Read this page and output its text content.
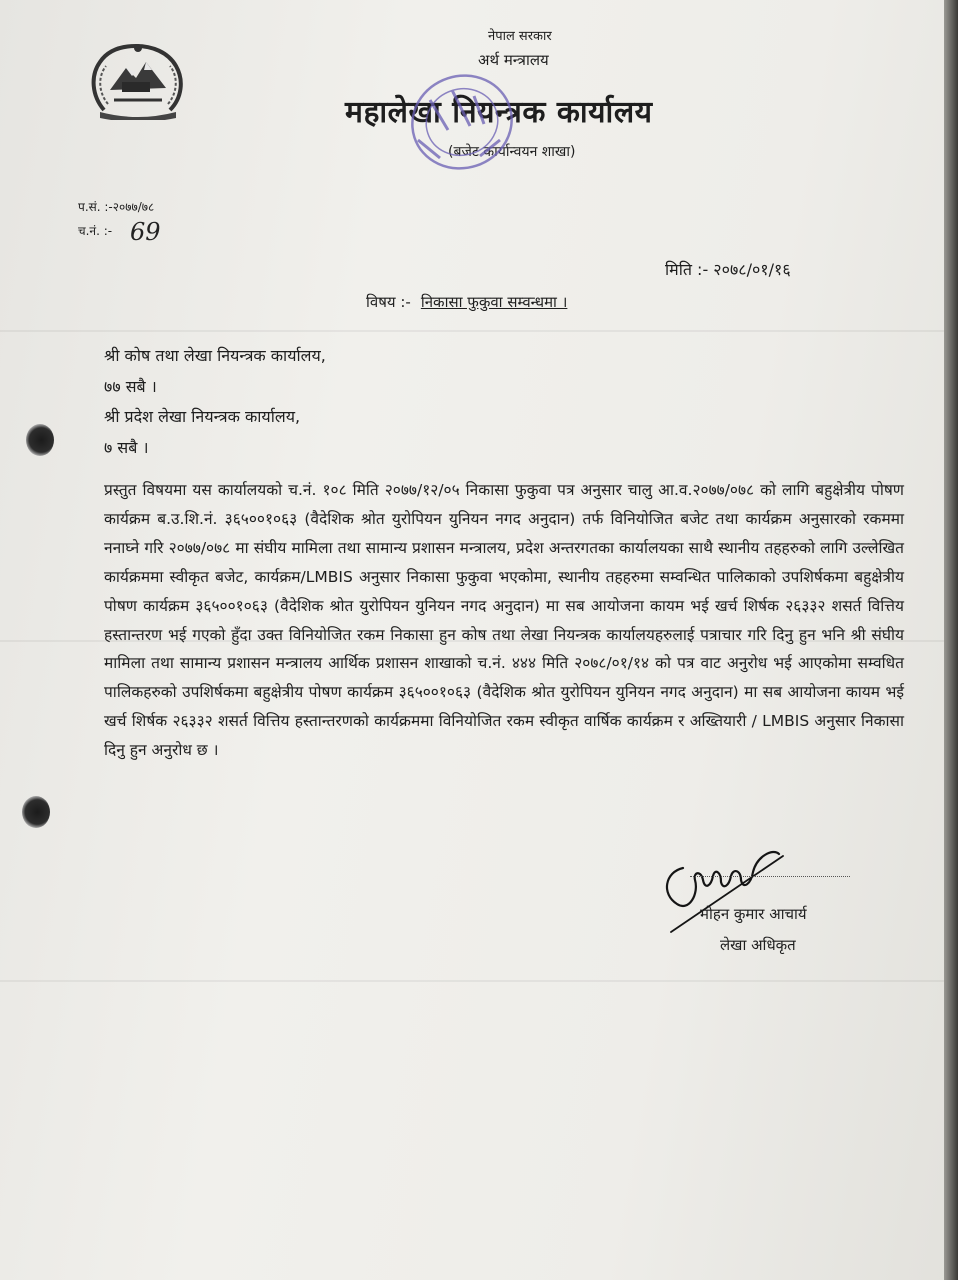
नेपाल सरकार
अर्थ मन्त्रालय
महालेखा नियन्त्रक कार्यालय
(बजेट कार्यान्वयन शाखा)
प.सं. :-२०७७/७८
च.नं. :- 69
मिति :- २०७८/०१/१६
विषय :- निकासा फुकुवा सम्वन्धमा ।
श्री कोष तथा लेखा नियन्त्रक कार्यालय,
७७ सबै ।
श्री प्रदेश लेखा नियन्त्रक कार्यालय,
७ सबै ।
प्रस्तुत विषयमा यस कार्यालयको च.नं. १०८ मिति २०७७/१२/०५ निकासा फुकुवा पत्र अनुसार चालु आ.व.२०७७/०७८ को लागि बहुक्षेत्रीय पोषण कार्यक्रम ब.उ.शि.नं. ३६५००१०६३ (वैदेशिक श्रोत युरोपियन युनियन नगद अनुदान) तर्फ विनियोजित बजेट तथा कार्यक्रम अनुसारको रकममा ननाघ्ने गरि २०७७/०७८ मा संघीय मामिला तथा सामान्य प्रशासन मन्त्रालय, प्रदेश अन्तरगतका कार्यालयका साथै स्थानीय तहहरुको लागि उल्लेखित कार्यक्रममा स्वीकृत बजेट, कार्यक्रम/LMBIS अनुसार निकासा फुकुवा भएकोमा, स्थानीय तहहरुमा सम्वन्धित पालिकाको उपशिर्षकमा बहुक्षेत्रीय पोषण कार्यक्रम ३६५००१०६३ (वैदेशिक श्रोत युरोपियन युनियन नगद अनुदान) मा सब आयोजना कायम भई खर्च शिर्षक २६३३२ शसर्त वित्तिय हस्तान्तरण भई गएको हुँदा उक्त विनियोजित रकम निकासा हुन कोष तथा लेखा नियन्त्रक कार्यालयहरुलाई पत्राचार गरि दिनु हुन भनि श्री संघीय मामिला तथा सामान्य प्रशासन मन्त्रालय आर्थिक प्रशासन शाखाको च.नं. ४४४ मिति २०७८/०१/१४ को पत्र वाट अनुरोध भई आएकोमा सम्वधित पालिकहरुको उपशिर्षकमा बहुक्षेत्रीय पोषण कार्यक्रम ३६५००१०६३ (वैदेशिक श्रोत युरोपियन युनियन नगद अनुदान) मा सब आयोजना कायम भई खर्च शिर्षक २६३३२ शसर्त वित्तिय हस्तान्तरणको कार्यक्रममा विनियोजित रकम स्वीकृत वार्षिक कार्यक्रम र अख्तियारी / LMBIS अनुसार निकासा दिनु हुन अनुरोध छ ।
मोहन कुमार आचार्य
लेखा अधिकृत
